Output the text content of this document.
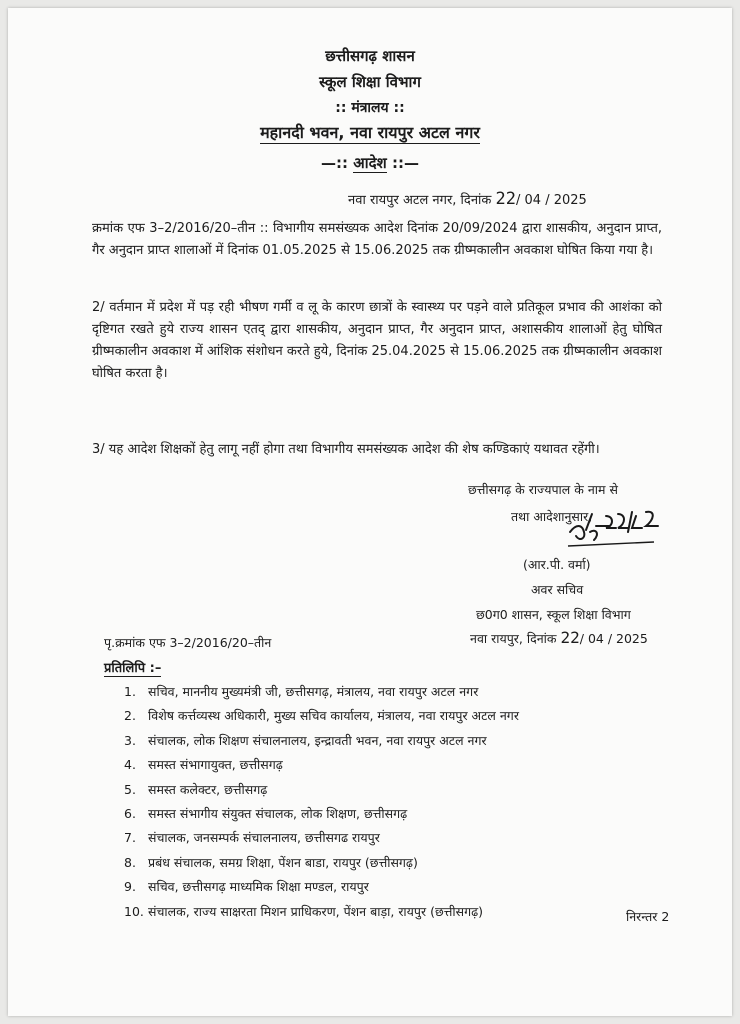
छत्तीसगढ़ शासन
स्कूल शिक्षा विभाग
:: मंत्रालय ::
महानदी भवन, नवा रायपुर अटल नगर
—:: आदेश ::—
नवा रायपुर अटल नगर, दिनांक 22/ 04 / 2025
क्रमांक एफ 3–2/2016/20–तीन :: विभागीय समसंख्यक आदेश दिनांक 20/09/2024 द्वारा शासकीय, अनुदान प्राप्त, गैर अनुदान प्राप्त शालाओं में दिनांक 01.05.2025 से 15.06.2025 तक ग्रीष्मकालीन अवकाश घोषित किया गया है।
2/ वर्तमान में प्रदेश में पड़ रही भीषण गर्मी व लू के कारण छात्रों के स्वास्थ्य पर पड़ने वाले प्रतिकूल प्रभाव की आशंका को दृष्टिगत रखते हुये राज्य शासन एतद् द्वारा शासकीय, अनुदान प्राप्त, गैर अनुदान प्राप्त, अशासकीय शालाओं हेतु घोषित ग्रीष्मकालीन अवकाश में आंशिक संशोधन करते हुये, दिनांक 25.04.2025 से 15.06.2025 तक ग्रीष्मकालीन अवकाश घोषित करता है।
3/ यह आदेश शिक्षकों हेतु लागू नहीं होगा तथा विभागीय समसंख्यक आदेश की शेष कण्डिकाएं यथावत रहेंगी।
छत्तीसगढ़ के राज्यपाल के नाम से
तथा आदेशानुसार,
(आर.पी. वर्मा)
अवर सचिव
छ0ग0 शासन, स्कूल शिक्षा विभाग
नवा रायपुर, दिनांक 22/ 04 / 2025
पृ.क्रमांक एफ 3–2/2016/20–तीन
प्रतिलिपि :–
1. सचिव, माननीय मुख्यमंत्री जी, छत्तीसगढ़, मंत्रालय, नवा रायपुर अटल नगर
2. विशेष कर्त्तव्यस्थ अधिकारी, मुख्य सचिव कार्यालय, मंत्रालय, नवा रायपुर अटल नगर
3. संचालक, लोक शिक्षण संचालनालय, इन्द्रावती भवन, नवा रायपुर अटल नगर
4. समस्त संभागायुक्त, छत्तीसगढ़
5. समस्त कलेक्टर, छत्तीसगढ़
6. समस्त संभागीय संयुक्त संचालक, लोक शिक्षण, छत्तीसगढ़
7. संचालक, जनसम्पर्क संचालनालय, छत्तीसगढ रायपुर
8. प्रबंध संचालक, समग्र शिक्षा, पेंशन बाडा, रायपुर (छत्तीसगढ़)
9. सचिव, छत्तीसगढ़ माध्यमिक शिक्षा मण्डल, रायपुर
10. संचालक, राज्य साक्षरता मिशन प्राधिकरण, पेंशन बाड़ा, रायपुर (छत्तीसगढ़)	निरन्तर 2
